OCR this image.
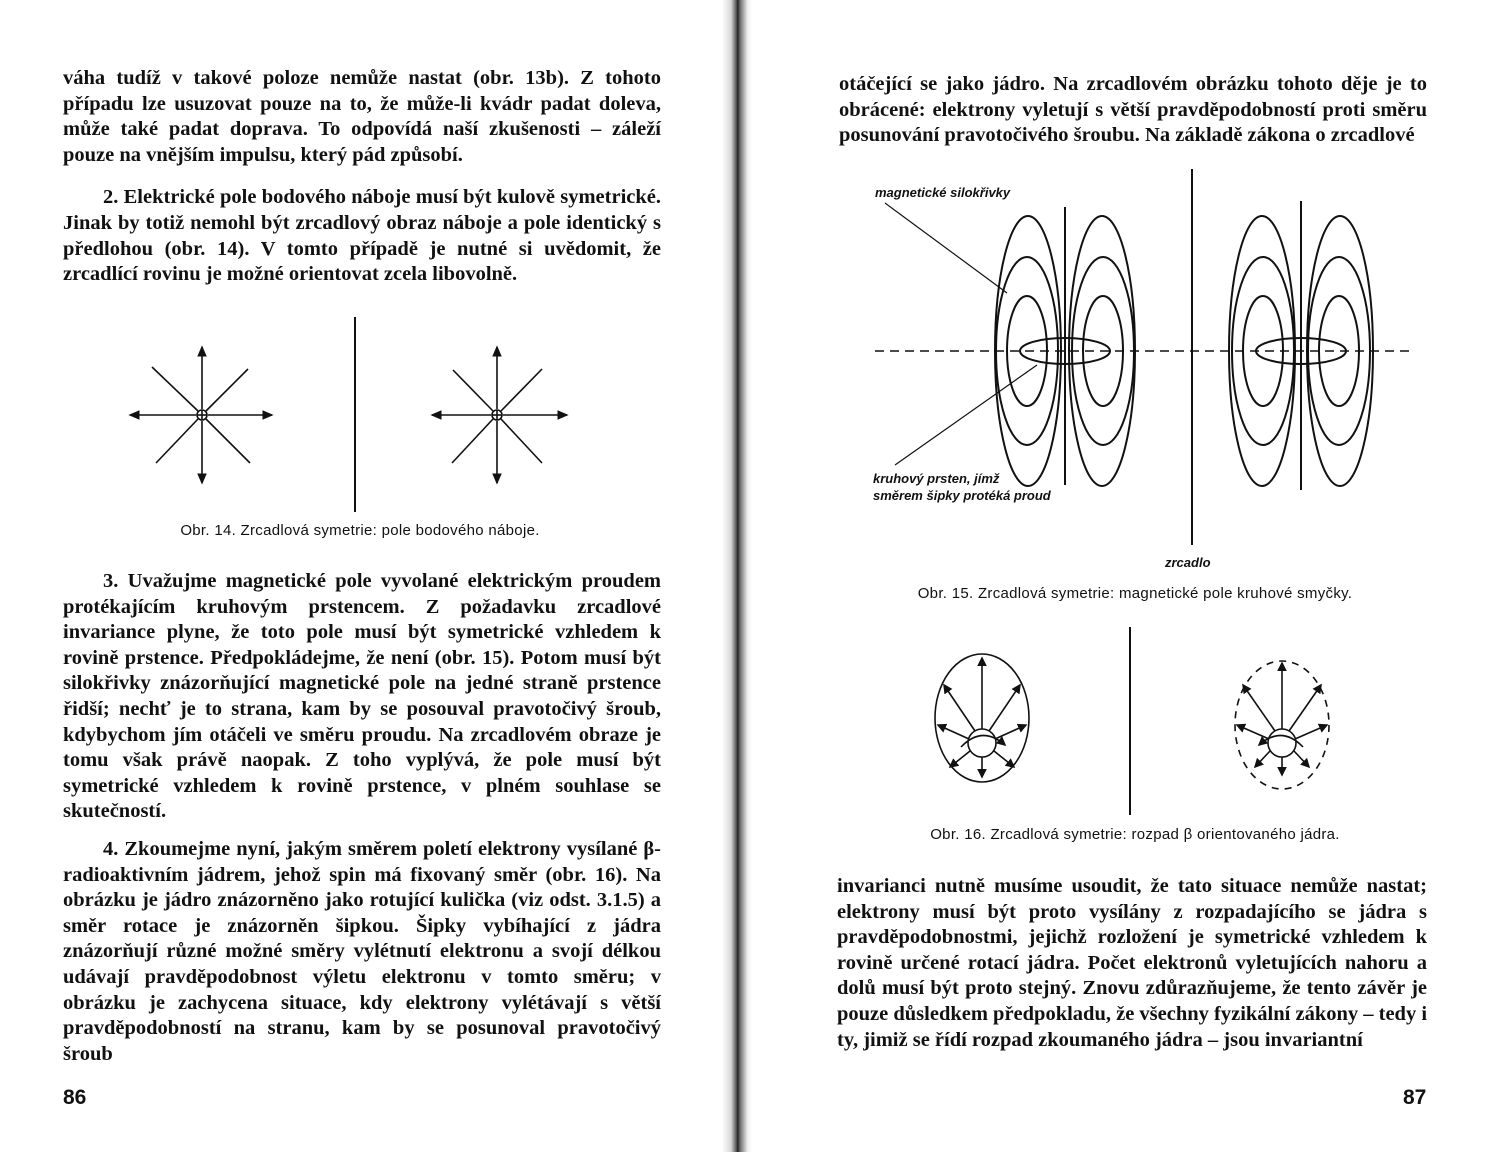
váha tudíž v takové poloze nemůže nastat (obr. 13b). Z tohoto případu lze usuzovat pouze na to, že může-li kvádr padat doleva, může také padat doprava. To odpovídá naší zkušenosti – záleží pouze na vnějším impulsu, který pád způsobí.

2. Elektrické pole bodového náboje musí být kulově symetrické. Jinak by totiž nemohl být zrcadlový obraz náboje a pole identický s předlohou (obr. 14). V tomto případě je nutné si uvědomit, že zrcadlící rovinu je možné orientovat zcela libovolně.

Obr. 14. Zrcadlová symetrie: pole bodového náboje.

3. Uvažujme magnetické pole vyvolané elektrickým proudem protékajícím kruhovým prstencem. Z požadavku zrcadlové invariance plyne, že toto pole musí být symetrické vzhledem k rovině prstence. Předpokládejme, že není (obr. 15). Potom musí být silokřivky znázorňující magnetické pole na jedné straně prstence řidší; nechť je to strana, kam by se posouval pravotočivý šroub, kdybychom jím otáčeli ve směru proudu. Na zrcadlovém obraze je tomu však právě naopak. Z toho vyplývá, že pole musí být symetrické vzhledem k rovině prstence, v plném souhlase se skutečností.

4. Zkoumejme nyní, jakým směrem poletí elektrony vysílané β-radioaktivním jádrem, jehož spin má fixovaný směr (obr. 16). Na obrázku je jádro znázorněno jako rotující kulička (viz odst. 3.1.5) a směr rotace je znázorněn šipkou. Šipky vybíhající z jádra znázorňují různé možné směry vylétnutí elektronu a svojí délkou udávají pravděpodobnost výletu elektronu v tomto směru; v obrázku je zachycena situace, kdy elektrony vylétávají s větší pravděpodobností na stranu, kam by se posunoval pravotočivý šroub

86

otáčející se jako jádro. Na zrcadlovém obrázku tohoto děje je to obrácené: elektrony vyletují s větší pravděpodobností proti směru posunování pravotočivého šroubu. Na základě zákona o zrcadlové

magnetické silokřivky
kruhový prsten, jímž
směrem šipky protéká proud
zrcadlo
Obr. 15. Zrcadlová symetrie: magnetické pole kruhové smyčky.
Obr. 16. Zrcadlová symetrie: rozpad β orientovaného jádra.

invarianci nutně musíme usoudit, že tato situace nemůže nastat; elektrony musí být proto vysílány z rozpadajícího se jádra s pravděpodobnostmi, jejichž rozložení je symetrické vzhledem k rovině určené rotací jádra. Počet elektronů vyletujících nahoru a dolů musí být proto stejný. Znovu zdůrazňujeme, že tento závěr je pouze důsledkem předpokladu, že všechny fyzikální zákony – tedy i ty, jimiž se řídí rozpad zkoumaného jádra – jsou invariantní

87
